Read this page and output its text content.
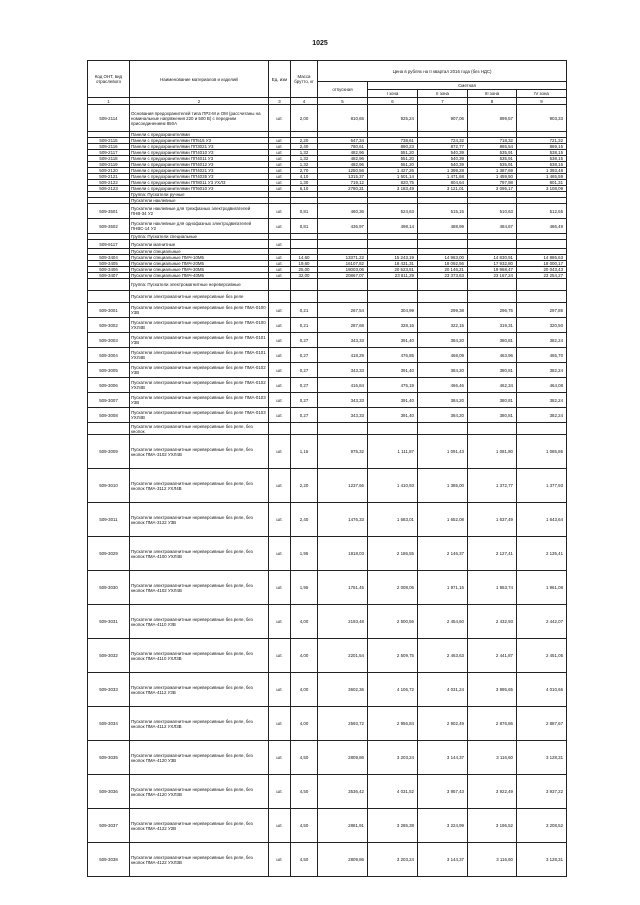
1025
Код ОНТ, вид отраслевого	Наименование материалов и изделий	Ед. изм	Масса брутто, кг	Цена в рублях на II квартал 2016 года (без НДС)				
				отпускная	Сметная			
					I зона	II зона	III зона	IV зона
1	2	3	4	5	6	7	8	9
509-2114	Основания предохранителей типа ПР2-М и ОМ (рассчитаны на номинальные напряжения 220 и 500 В) с передним присоединением 850А	шт.	2,00	810,65	925,24	907,06	899,57	903,33
	Панели с предохранителями							
509-2115	Панели с предохранителями ПП515 У3	шт.	2,20	647,34	738,61	724,32	718,32	721,32
509-2116	Панели с предохранителями ПП3021 У3	шт.	2,40	780,61	890,23	872,77	865,54	869,15
509-2117	Панели с предохранителями ПП4010 У3	шт.	1,32	482,96	551,20	540,39	535,91	538,15
509-2118	Панели с предохранителями ПП4011 У3	шт.	1,32	482,96	551,20	540,39	535,91	538,15
509-2119	Панели с предохранителями ПП4012 У3	шт.	1,32	482,96	551,20	540,39	535,91	538,15
509-2120	Панели с предохранителями ПП4021 У3	шт.	2,70	1250,56	1 427,26	1 399,28	1 387,69	1 393,48
509-2121	Панели с предохранителями ПП4035 У3	шт.	4,10	1315,37	1 501,14	1 471,68	1 459,50	1 465,59
509-2122	Панели с предохранителями ПП8011 У3 УХЛ3	шт.	1,30	719,12	820,75	804,64	797,98	801,31
509-2123	Панели с предохранителями ПП6010 У3	шт.	6,10	2780,31	3 183,49	3 121,01	3 095,17	3 108,09
	Группа: Пускатели ручные							
	Пускатели наклевные							
509-3501	Пускатели наклевные для трехфазных электродвигателей ПНВ-34 У2	шт.	0,81	460,36	524,63	515,15	510,63	512,55
509-3502	Пускатели наклевные для однофазных электродвигателей ПНВС-14 У2	шт.	0,81	436,97	498,14	488,99	484,67	486,49
	Группа: Пускатели специальные							
509-9117	Пускатели магнитные	шт.						
	Пускатели специальные							
509-3404	Пускатели специальные ПМЧ-10М5	шт.	14,60	13371,22	15 243,19	14 963,00	14 830,91	14 886,63
509-3405	Пускатели специальные ПМЧ-20М5	шт.	19,60	16107,82	18 431,31	18 092,56	17 932,80	18 000,17
509-3406	Пускатели специальные ПМЧ-30М5	шт.	25,00	18003,06	20 523,51	20 146,21	19 968,47	20 043,43
509-3407	Пускатели специальные ПМЧ-40М5	шт.	32,00	20867,07	23 811,29	23 373,63	23 167,24	23 254,27
	Группа: Пускатели электромагнитные нереверсивные							
	Пускатели электромагнитные нереверсивные без реле							
509-3001	Пускатели электромагнитные нереверсивные без реле ПМА-0100 У3В	шт.	0,21	267,54	304,99	299,38	296,75	297,86
509-3002	Пускатели электромагнитные нереверсивные без реле ПМА-0100 УХЛ4В	шт.	0,21	287,68	328,16	322,15	319,31	320,50
509-3003	Пускатели электромагнитные нереверсивные без реле ПМА-0101 У3В	шт.	0,27	343,33	391,40	384,20	380,81	382,24
509-3004	Пускатели электромагнитные нереверсивные без реле ПМА-0101 УХЛ4В	шт.	0,27	418,29	476,85	468,09	463,96	465,70
509-3005	Пускатели электромагнитные нереверсивные без реле ПМА-0102 У3В	шт.	0,27	343,33	391,40	384,20	380,81	382,24
509-3006	Пускатели электромагнитные нереверсивные без реле ПМА-0102 УХЛ4В	шт.	0,27	416,84	475,19	466,46	462,34	464,08
509-3007	Пускатели электромагнитные нереверсивные без реле ПМА-0103 У3В	шт.	0,27	343,33	391,40	384,20	380,81	382,24
509-3008	Пускатели электромагнитные нереверсивные без реле ПМА-0103 УХЛ4В	шт.	0,27	343,33	391,40	384,20	380,81	382,24
	Пускатели электромагнитные нереверсивные без реле, без кнопок							
509-3009	Пускатели электромагнитные нереверсивные без реле, без кнопок ПМА-3102 УХЛ4В	шт.	1,15	975,32	1 111,87	1 091,43	1 081,80	1 085,86
509-3010	Пускатели электромагнитные нереверсивные без реле, без кнопок ПМА-3112 УХЛ4В	шт.	2,20	1237,66	1 410,93	1 385,00	1 372,77	1 377,93
509-3011	Пускатели электромагнитные нереверсивные без реле, без кнопок ПМА-3122 У3В	шт.	2,40	1476,33	1 683,01	1 652,08	1 637,49	1 643,64
509-3029	Пускатели электромагнитные нереверсивные без реле, без кнопок ПМА-4100 УХЛ4В	шт.	1,95	1918,03	2 186,55	2 146,37	2 127,41	2 135,41
509-3030	Пускатели электромагнитные нереверсивные без реле, без кнопок ПМА-4102 УХЛ4В	шт.	1,95	1761,45	2 008,05	1 971,15	1 953,74	1 961,08
509-3031	Пускатели электромагнитные нереверсивные без реле, без кнопок ПМА-4110 У3В	шт.	4,00	2193,48	2 500,56	2 454,60	2 432,93	2 442,07
509-3032	Пускатели электромагнитные нереверсивные без реле, без кнопок ПМА-4110 УХЛ3В	шт.	4,00	2201,54	2 509,75	2 463,63	2 441,87	2 451,05
509-3033	Пускатели электромагнитные нереверсивные без реле, без кнопок ПМА-4112 У3В	шт.	4,00	3602,36	4 106,72	4 031,24	3 995,65	4 010,66
509-3034	Пускатели электромагнитные нереверсивные без реле, без кнопок ПМА-4112 УХЛ3В	шт.	4,00	2593,72	2 956,84	2 902,49	2 876,86	2 887,67
509-3035	Пускатели электромагнитные нереверсивные без реле, без кнопок ПМА-4120 У3В	шт.	4,50	2809,86	3 203,24	3 144,37	3 116,60	3 128,31
509-3036	Пускатели электромагнитные нереверсивные без реле, без кнопок ПМА-4120 УХЛ3В	шт.	4,50	3536,42	4 031,52	3 957,43	3 922,49	3 937,22
509-3037	Пускатели электромагнитные нереверсивные без реле, без кнопок ПМА-4122 У2В	шт.	4,50	2881,91	3 285,38	3 224,99	3 196,52	3 208,52
509-3038	Пускатели электромагнитные нереверсивные без реле, без кнопок ПМА-4122 УХЛ3В	шт.	4,50	2809,86	3 203,24	3 144,37	3 116,60	3 128,31
